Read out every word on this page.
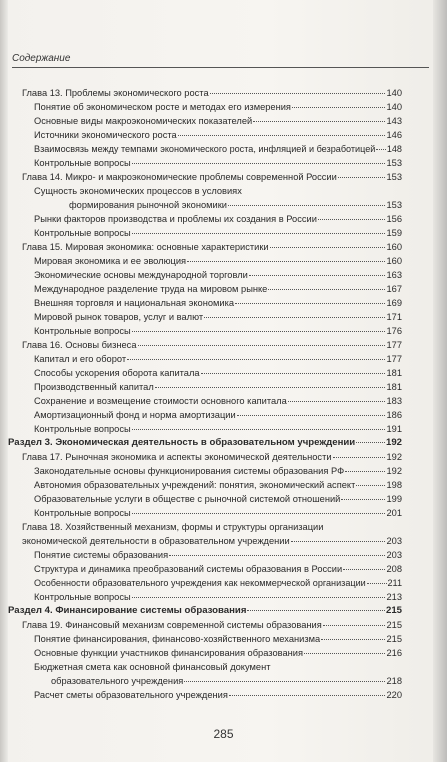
Содержание
Глава 13. Проблемы экономического роста	140
Понятие об экономическом росте и методах его измерения	140
Основные виды макроэкономических показателей	143
Источники экономического роста	146
Взаимосвязь между темпами экономического роста, инфляцией и безработицей 148
Контрольные вопросы	153
Глава 14. Микро- и макроэкономические проблемы современной России	153
Сущность экономических процессов в условиях
формирования рыночной экономики	153
Рынки факторов производства и проблемы их создания в России	156
Контрольные вопросы	159
Глава 15. Мировая экономика: основные характеристики	160
Мировая экономика и ее эволюция	160
Экономические основы международной торговли	163
Международное разделение труда на мировом рынке	167
Внешняя торговля и национальная экономика	169
Мировой рынок товаров, услуг и валют	171
Контрольные вопросы	176
Глава 16. Основы бизнеса	177
Капитал и его оборот	177
Способы ускорения оборота капитала	181
Производственный капитал	181
Сохранение и возмещение стоимости основного капитала	183
Амортизационный фонд и норма амортизации	186
Контрольные вопросы	191
Раздел 3. Экономическая деятельность в образовательном учреждении	192
Глава 17. Рыночная экономика и аспекты экономической деятельности	192
Законодательные основы функционирования системы образования РФ	192
Автономия образовательных учреждений: понятия, экономический аспект	198
Образовательные услуги в обществе с рыночной системой отношений	199
Контрольные вопросы	201
Глава 18. Хозяйственный механизм, формы и структуры организации
экономической деятельности в образовательном учреждении	203
Понятие системы образования	203
Структура и динамика преобразований системы образования в России	208
Особенности образовательного учреждения как некоммерческой организации 211
Контрольные вопросы	213
Раздел 4. Финансирование системы образования	215
Глава 19. Финансовый механизм современной системы образования	215
Понятие финансирования, финансово-хозяйственного механизма	215
Основные функции участников финансирования образования	216
Бюджетная смета как основной финансовый документ
образовательного учреждения	218
Расчет сметы образовательного учреждения	220
285
